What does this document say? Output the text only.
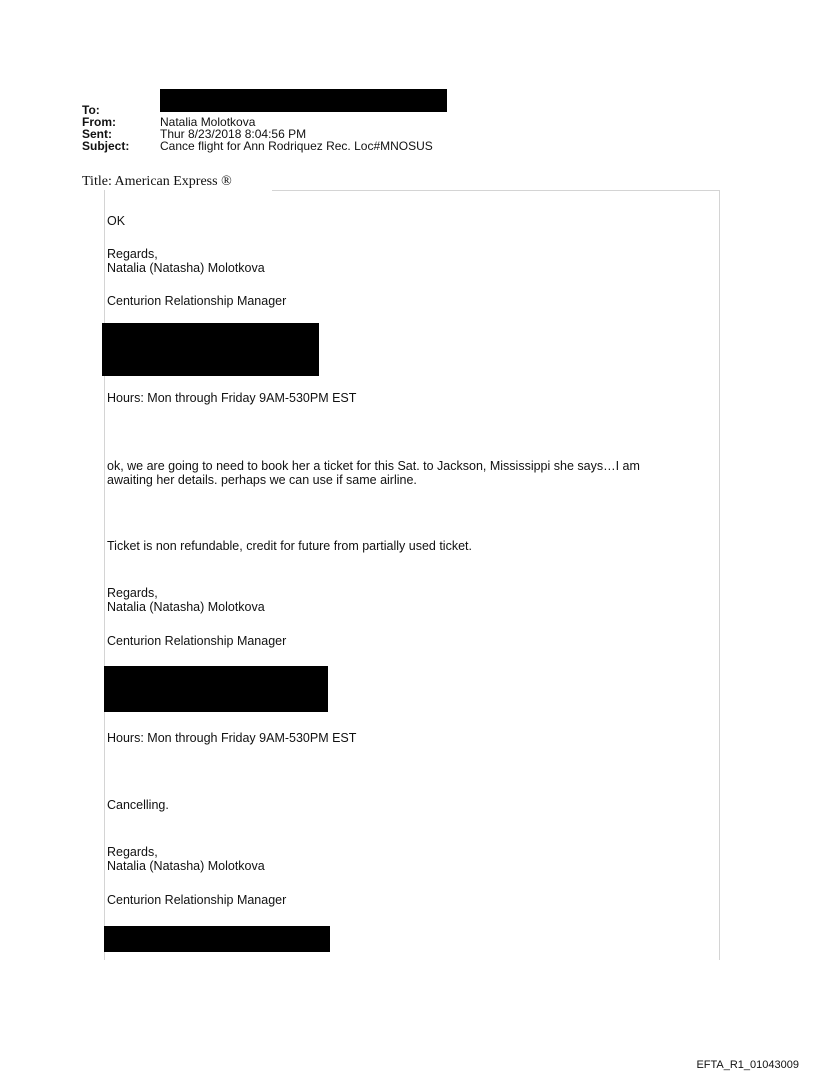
To:
From:	Natalia Molotkova
Sent:	Thur 8/23/2018 8:04:56 PM
Subject:	Cance flight for Ann Rodriquez Rec. Loc#MNOSUS
Title: American Express ®
OK
Regards,
Natalia (Natasha) Molotkova
Centurion Relationship Manager
Hours: Mon through Friday 9AM-530PM EST
ok, we are going to need to book her a ticket for this Sat. to Jackson, Mississippi she says…I am
awaiting her details. perhaps we can use if same airline.
Ticket is non refundable, credit for future from partially used ticket.
Regards,
Natalia (Natasha) Molotkova
Centurion Relationship Manager
Hours: Mon through Friday 9AM-530PM EST
Cancelling.
Regards,
Natalia (Natasha) Molotkova
Centurion Relationship Manager
EFTA_R1_01043009
